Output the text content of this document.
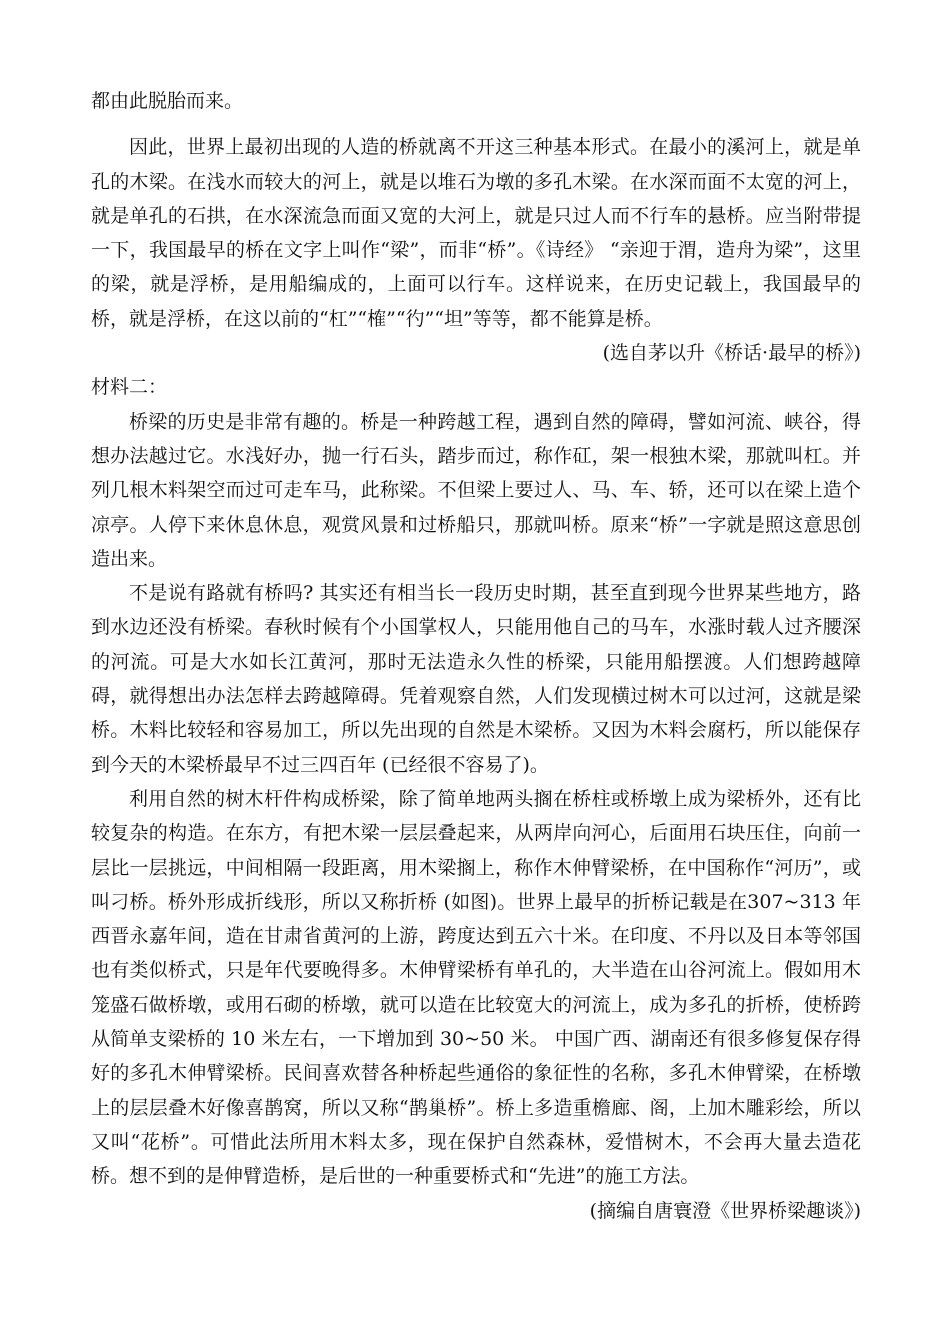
都由此脱胎而来。

因此，世界上最初出现的人造的桥就离不开这三种基本形式。在最小的溪河上，就是单孔的木梁。在浅水而较大的河上，就是以堆石为墩的多孔木梁。在水深而面不太宽的河上，就是单孔的石拱，在水深流急而面又宽的大河上，就是只过人而不行车的悬桥。应当附带提一下，我国最早的桥在文字上叫作“梁”，而非“桥”。《诗经》 “亲迎于渭，造舟为梁”，这里的梁，就是浮桥，是用船编成的，上面可以行车。这样说来，在历史记载上，我国最早的桥，就是浮桥，在这以前的“杠”“榷”“彴”“坦”等等，都不能算是桥。

(选自茅以升《桥话·最早的桥》)

材料二：

桥梁的历史是非常有趣的。桥是一种跨越工程，遇到自然的障碍，譬如河流、峡谷，得想办法越过它。水浅好办，抛一行石头，踏步而过，称作矼，架一根独木梁，那就叫杠。并列几根木料架空而过可走车马，此称梁。不但梁上要过人、马、车、轿，还可以在梁上造个凉亭。人停下来休息休息，观赏风景和过桥船只，那就叫桥。原来“桥”一字就是照这意思创造出来。

不是说有路就有桥吗? 其实还有相当长一段历史时期，甚至直到现今世界某些地方，路到水边还没有桥梁。春秋时候有个小国掌权人，只能用他自己的马车，水涨时载人过齐腰深的河流。可是大水如长江黄河，那时无法造永久性的桥梁，只能用船摆渡。人们想跨越障碍，就得想出办法怎样去跨越障碍。凭着观察自然，人们发现横过树木可以过河，这就是梁桥。木料比较轻和容易加工，所以先出现的自然是木梁桥。又因为木料会腐朽，所以能保存到今天的木梁桥最早不过三四百年 (已经很不容易了)。

利用自然的树木杆件构成桥梁，除了简单地两头搁在桥柱或桥墩上成为梁桥外，还有比较复杂的构造。在东方，有把木梁一层层叠起来，从两岸向河心，后面用石块压住，向前一层比一层挑远，中间相隔一段距离，用木梁搁上，称作木伸臂梁桥，在中国称作“河历”，或叫刁桥。桥外形成折线形，所以又称折桥 (如图)。世界上最早的折桥记载是在307~313 年西晋永嘉年间，造在甘肃省黄河的上游，跨度达到五六十米。在印度、不丹以及日本等邻国也有类似桥式，只是年代要晚得多。木伸臂梁桥有单孔的，大半造在山谷河流上。假如用木笼盛石做桥墩，或用石砌的桥墩，就可以造在比较宽大的河流上，成为多孔的折桥，使桥跨从简单支梁桥的 10 米左右，一下增加到 30~50 米。 中国广西、湖南还有很多修复保存得好的多孔木伸臂梁桥。民间喜欢替各种桥起些通俗的象征性的名称，多孔木伸臂梁，在桥墩上的层层叠木好像喜鹊窝，所以又称“鹊巢桥”。桥上多造重檐廊、阁，上加木雕彩绘，所以又叫“花桥”。可惜此法所用木料太多，现在保护自然森林，爱惜树木，不会再大量去造花桥。想不到的是伸臂造桥，是后世的一种重要桥式和“先进”的施工方法。

(摘编自唐寰澄《世界桥梁趣谈》)
